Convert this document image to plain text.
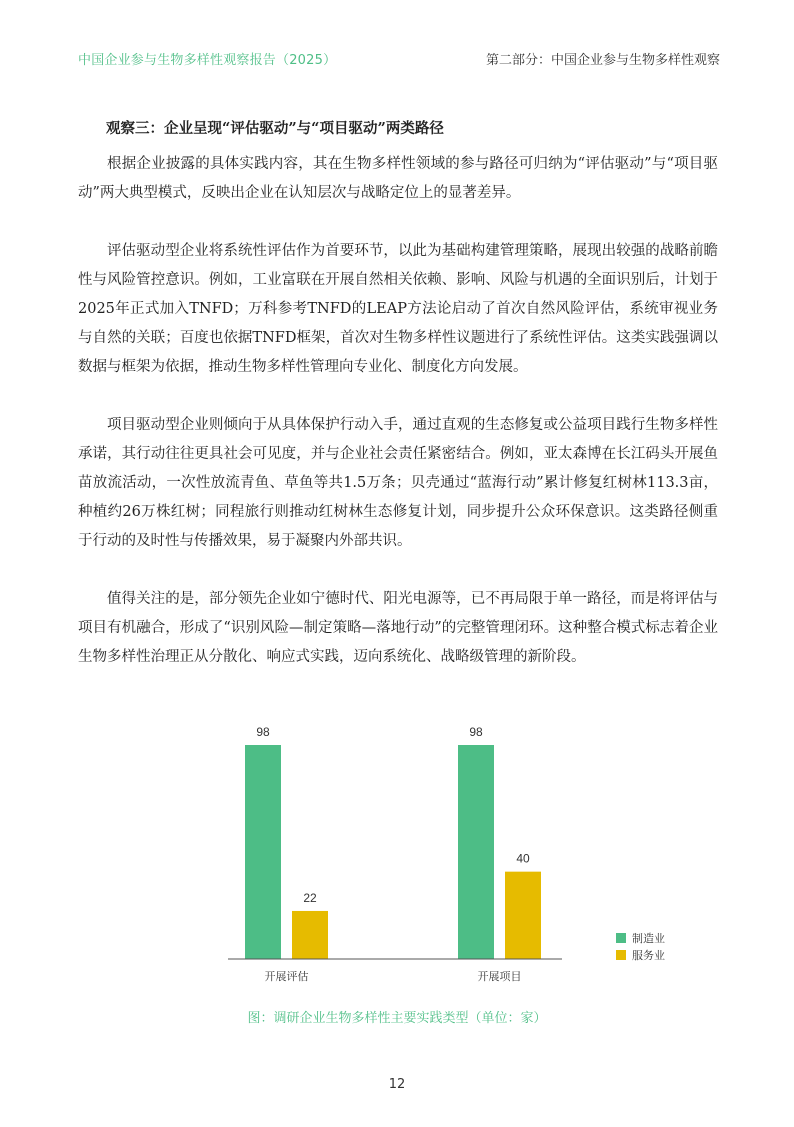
中国企业参与生物多样性观察报告（2025）	第二部分：中国企业参与生物多样性观察
观察三：企业呈现“评估驱动”与“项目驱动”两类路径

根据企业披露的具体实践内容，其在生物多样性领域的参与路径可归纳为“评估驱动”与“项目驱动”两大典型模式，反映出企业在认知层次与战略定位上的显著差异。

评估驱动型企业将系统性评估作为首要环节，以此为基础构建管理策略，展现出较强的战略前瞻性与风险管控意识。例如，工业富联在开展自然相关依赖、影响、风险与机遇的全面识别后，计划于2025年正式加入TNFD；万科参考TNFD的LEAP方法论启动了首次自然风险评估，系统审视业务与自然的关联；百度也依据TNFD框架，首次对生物多样性议题进行了系统性评估。这类实践强调以数据与框架为依据，推动生物多样性管理向专业化、制度化方向发展。

项目驱动型企业则倾向于从具体保护行动入手，通过直观的生态修复或公益项目践行生物多样性承诺，其行动往往更具社会可见度，并与企业社会责任紧密结合。例如，亚太森博在长江码头开展鱼苗放流活动，一次性放流青鱼、草鱼等共1.5万条；贝壳通过“蓝海行动”累计修复红树林113.3亩，种植约26万株红树；同程旅行则推动红树林生态修复计划，同步提升公众环保意识。这类路径侧重于行动的及时性与传播效果，易于凝聚内外部共识。

值得关注的是，部分领先企业如宁德时代、阳光电源等，已不再局限于单一路径，而是将评估与项目有机融合，形成了“识别风险—制定策略—落地行动”的完整管理闭环。这种整合模式标志着企业生物多样性治理正从分散化、响应式实践，迈向系统化、战略级管理的新阶段。

98
22
开展评估
98
40
开展项目
制造业
服务业
图：调研企业生物多样性主要实践类型（单位：家）
12
